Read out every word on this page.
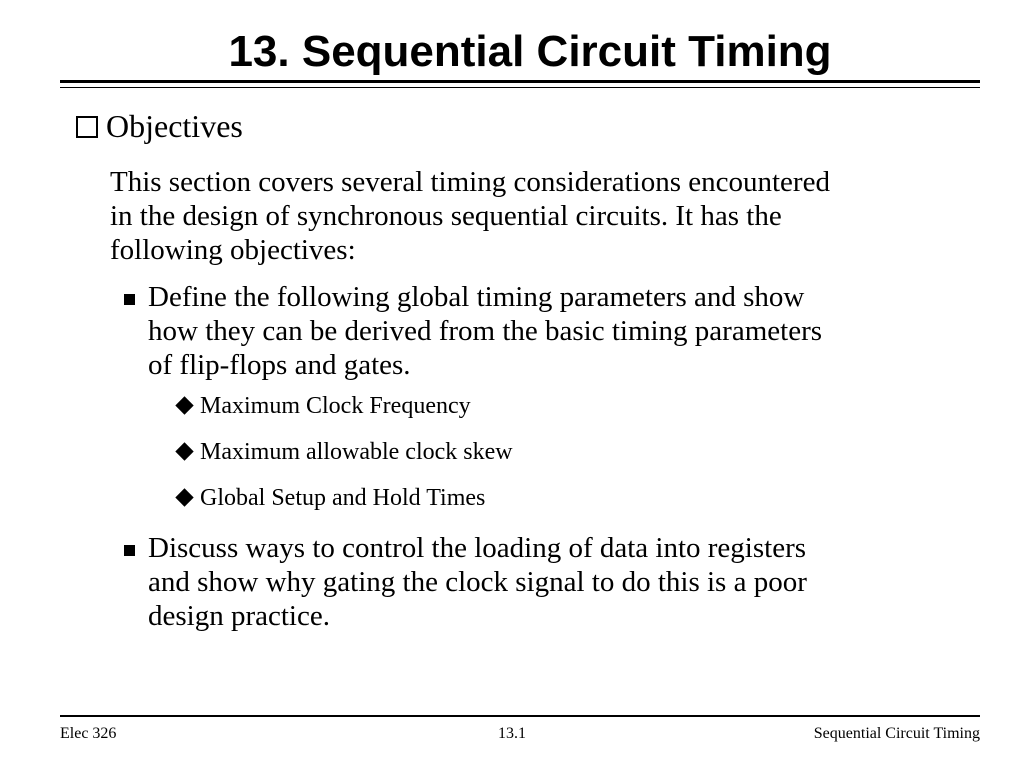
13. Sequential Circuit Timing
Objectives
This section covers several timing considerations encountered
in the design of synchronous sequential circuits. It has the
following objectives:
Define the following global timing parameters and show
how they can be derived from the basic timing parameters
of flip-flops and gates.
Maximum Clock Frequency
Maximum allowable clock skew
Global Setup and Hold Times
Discuss ways to control the loading of data into registers
and show why gating the clock signal to do this is a poor
design practice.
Elec 326	13.1	Sequential Circuit Timing
